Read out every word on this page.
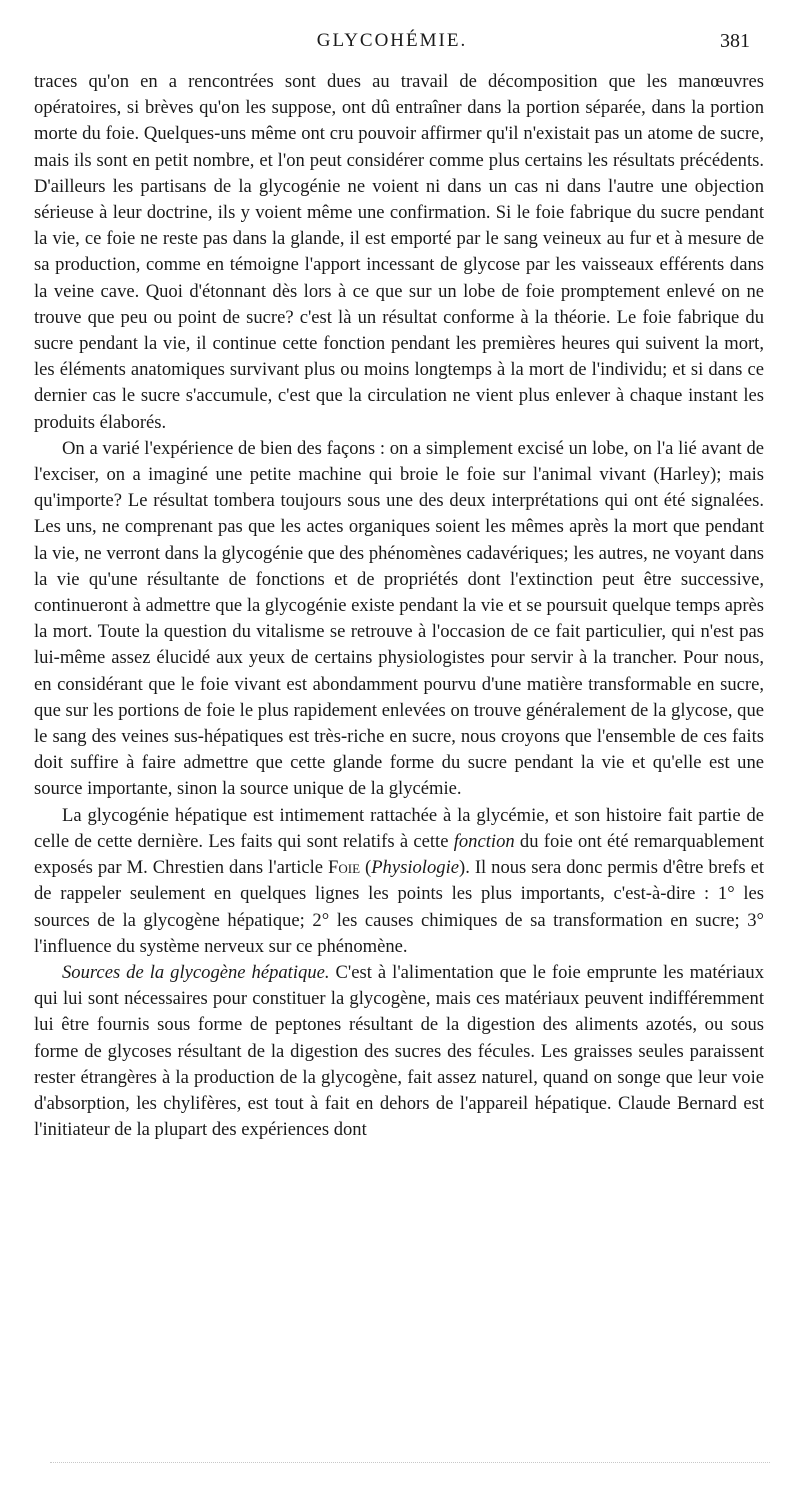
GLYCOHÉMIE.	381

traces qu'on en a rencontrées sont dues au travail de décomposition que les manœuvres opératoires, si brèves qu'on les suppose, ont dû entraîner dans la portion séparée, dans la portion morte du foie. Quelques-uns même ont cru pouvoir affirmer qu'il n'existait pas un atome de sucre, mais ils sont en petit nombre, et l'on peut considérer comme plus certains les résultats précédents. D'ailleurs les partisans de la glycogénie ne voient ni dans un cas ni dans l'autre une objection sérieuse à leur doctrine, ils y voient même une confirmation. Si le foie fabrique du sucre pendant la vie, ce foie ne reste pas dans la glande, il est emporté par le sang veineux au fur et à mesure de sa production, comme en témoigne l'apport incessant de glycose par les vaisseaux efférents dans la veine cave. Quoi d'étonnant dès lors à ce que sur un lobe de foie promptement enlevé on ne trouve que peu ou point de sucre? c'est là un résultat conforme à la théorie. Le foie fabrique du sucre pendant la vie, il continue cette fonction pendant les premières heures qui suivent la mort, les éléments anatomiques survivant plus ou moins longtemps à la mort de l'individu; et si dans ce dernier cas le sucre s'accumule, c'est que la circulation ne vient plus enlever à chaque instant les produits élaborés.

On a varié l'expérience de bien des façons : on a simplement excisé un lobe, on l'a lié avant de l'exciser, on a imaginé une petite machine qui broie le foie sur l'animal vivant (Harley); mais qu'importe? Le résultat tombera toujours sous une des deux interprétations qui ont été signalées. Les uns, ne comprenant pas que les actes organiques soient les mêmes après la mort que pendant la vie, ne verront dans la glycogénie que des phénomènes cadavériques; les autres, ne voyant dans la vie qu'une résultante de fonctions et de propriétés dont l'extinction peut être successive, continueront à admettre que la glycogénie existe pendant la vie et se poursuit quelque temps après la mort. Toute la question du vitalisme se retrouve à l'occasion de ce fait particulier, qui n'est pas lui-même assez élucidé aux yeux de certains physiologistes pour servir à la trancher. Pour nous, en considérant que le foie vivant est abondamment pourvu d'une matière transformable en sucre, que sur les portions de foie le plus rapidement enlevées on trouve généralement de la glycose, que le sang des veines sus-hépatiques est très-riche en sucre, nous croyons que l'ensemble de ces faits doit suffire à faire admettre que cette glande forme du sucre pendant la vie et qu'elle est une source importante, sinon la source unique de la glycémie.

La glycogénie hépatique est intimement rattachée à la glycémie, et son histoire fait partie de celle de cette dernière. Les faits qui sont relatifs à cette fonction du foie ont été remarquablement exposés par M. Chrestien dans l'article Foie (Physiologie). Il nous sera donc permis d'être brefs et de rappeler seulement en quelques lignes les points les plus importants, c'est-à-dire : 1° les sources de la glycogène hépatique; 2° les causes chimiques de sa transformation en sucre; 3° l'influence du système nerveux sur ce phénomène.

Sources de la glycogène hépatique. C'est à l'alimentation que le foie emprunte les matériaux qui lui sont nécessaires pour constituer la glycogène, mais ces matériaux peuvent indifféremment lui être fournis sous forme de peptones résultant de la digestion des aliments azotés, ou sous forme de glycoses résultant de la digestion des sucres des fécules. Les graisses seules paraissent rester étrangères à la production de la glycogène, fait assez naturel, quand on songe que leur voie d'absorption, les chylifères, est tout à fait en dehors de l'appareil hépatique. Claude Bernard est l'initiateur de la plupart des expériences dont
